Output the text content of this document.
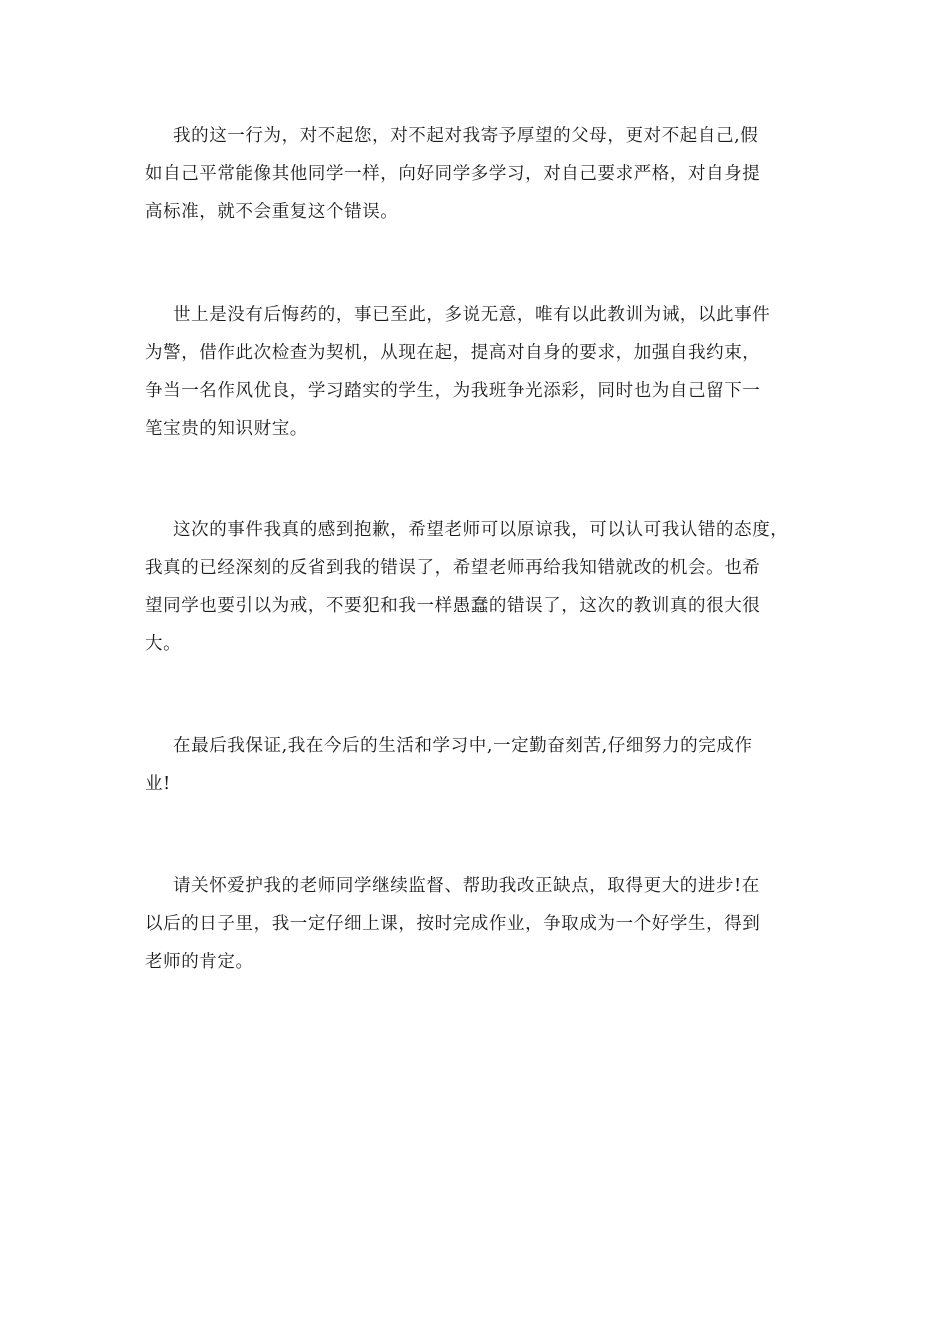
我的这一行为，对不起您，对不起对我寄予厚望的父母，更对不起自己,假
如自己平常能像其他同学一样，向好同学多学习，对自己要求严格，对自身提
高标准，就不会重复这个错误。
世上是没有后悔药的，事已至此，多说无意，唯有以此教训为诫，以此事件
为警，借作此次检查为契机，从现在起，提高对自身的要求，加强自我约束，
争当一名作风优良，学习踏实的学生，为我班争光添彩，同时也为自己留下一
笔宝贵的知识财宝。
这次的事件我真的感到抱歉，希望老师可以原谅我，可以认可我认错的态度，
我真的已经深刻的反省到我的错误了，希望老师再给我知错就改的机会。也希
望同学也要引以为戒，不要犯和我一样愚蠢的错误了，这次的教训真的很大很
大。
在最后我保证,我在今后的生活和学习中,一定勤奋刻苦,仔细努力的完成作
业!
请关怀爱护我的老师同学继续监督、帮助我改正缺点，取得更大的进步!在
以后的日子里，我一定仔细上课，按时完成作业，争取成为一个好学生，得到
老师的肯定。
